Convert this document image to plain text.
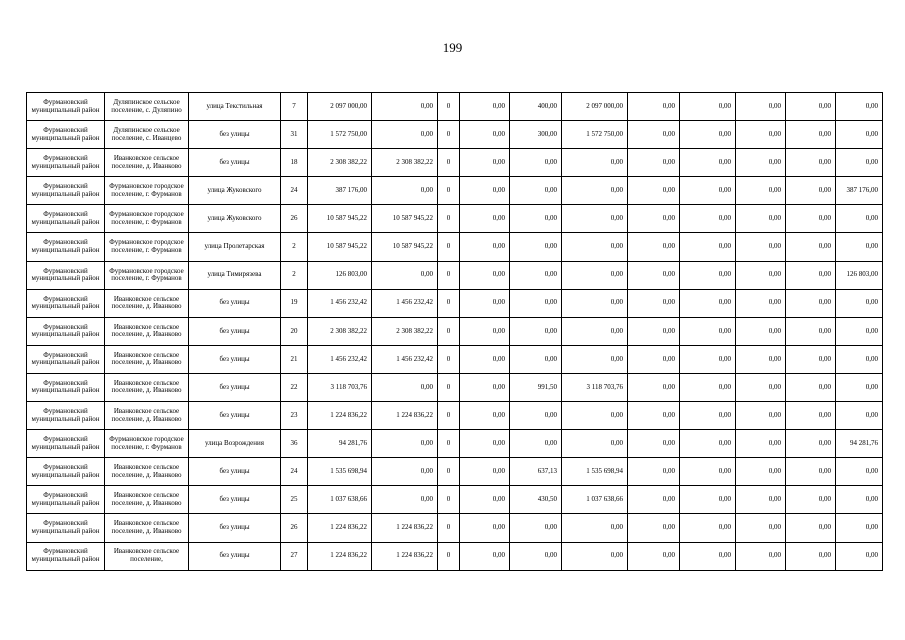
199
Фурмановский муниципальный район	Дуляпинское сельское поселение, с. Дуляпино	улица Текстильная	7	2 097 000,00	0,00	0	0,00	400,00	2 097 000,00	0,00	0,00	0,00	0,00	0,00

Фурмановский муниципальный район	Дуляпинское сельское поселение, с. Иванцево	без улицы	31	1 572 750,00	0,00	0	0,00	300,00	1 572 750,00	0,00	0,00	0,00	0,00	0,00

Фурмановский муниципальный район	Иванковское сельское поселение, д. Иванково	без улицы	18	2 308 382,22	2 308 382,22	0	0,00	0,00	0,00	0,00	0,00	0,00	0,00	0,00

Фурмановский муниципальный район	Фурмановское городское поселение, г. Фурманов	улица Жуковского	24	387 176,00	0,00	0	0,00	0,00	0,00	0,00	0,00	0,00	0,00	387 176,00

Фурмановский муниципальный район	Фурмановское городское поселение, г. Фурманов	улица Жуковского	26	10 587 945,22	10 587 945,22	0	0,00	0,00	0,00	0,00	0,00	0,00	0,00	0,00

Фурмановский муниципальный район	Фурмановское городское поселение, г. Фурманов	улица Пролетарская	2	10 587 945,22	10 587 945,22	0	0,00	0,00	0,00	0,00	0,00	0,00	0,00	0,00

Фурмановский муниципальный район	Фурмановское городское поселение, г. Фурманов	улица Тимирязева	2	126 803,00	0,00	0	0,00	0,00	0,00	0,00	0,00	0,00	0,00	126 803,00

Фурмановский муниципальный район	Иванковское сельское поселение, д. Иванково	без улицы	19	1 456 232,42	1 456 232,42	0	0,00	0,00	0,00	0,00	0,00	0,00	0,00	0,00

Фурмановский муниципальный район	Иванковское сельское поселение, д. Иванково	без улицы	20	2 308 382,22	2 308 382,22	0	0,00	0,00	0,00	0,00	0,00	0,00	0,00	0,00

Фурмановский муниципальный район	Иванковское сельское поселение, д. Иванково	без улицы	21	1 456 232,42	1 456 232,42	0	0,00	0,00	0,00	0,00	0,00	0,00	0,00	0,00

Фурмановский муниципальный район	Иванковское сельское поселение, д. Иванково	без улицы	22	3 118 703,76	0,00	0	0,00	991,50	3 118 703,76	0,00	0,00	0,00	0,00	0,00

Фурмановский муниципальный район	Иванковское сельское поселение, д. Иванково	без улицы	23	1 224 836,22	1 224 836,22	0	0,00	0,00	0,00	0,00	0,00	0,00	0,00	0,00

Фурмановский муниципальный район	Фурмановское городское поселение, г. Фурманов	улица Возрождения	36	94 281,76	0,00	0	0,00	0,00	0,00	0,00	0,00	0,00	0,00	94 281,76

Фурмановский муниципальный район	Иванковское сельское поселение, д. Иванково	без улицы	24	1 535 698,94	0,00	0	0,00	637,13	1 535 698,94	0,00	0,00	0,00	0,00	0,00

Фурмановский муниципальный район	Иванковское сельское поселение, д. Иванково	без улицы	25	1 037 638,66	0,00	0	0,00	430,50	1 037 638,66	0,00	0,00	0,00	0,00	0,00

Фурмановский муниципальный район	Иванковское сельское поселение, д. Иванково	без улицы	26	1 224 836,22	1 224 836,22	0	0,00	0,00	0,00	0,00	0,00	0,00	0,00	0,00

Фурмановский муниципальный район	Иванковское сельское поселение,	без улицы	27	1 224 836,22	1 224 836,22	0	0,00	0,00	0,00	0,00	0,00	0,00	0,00	0,00
